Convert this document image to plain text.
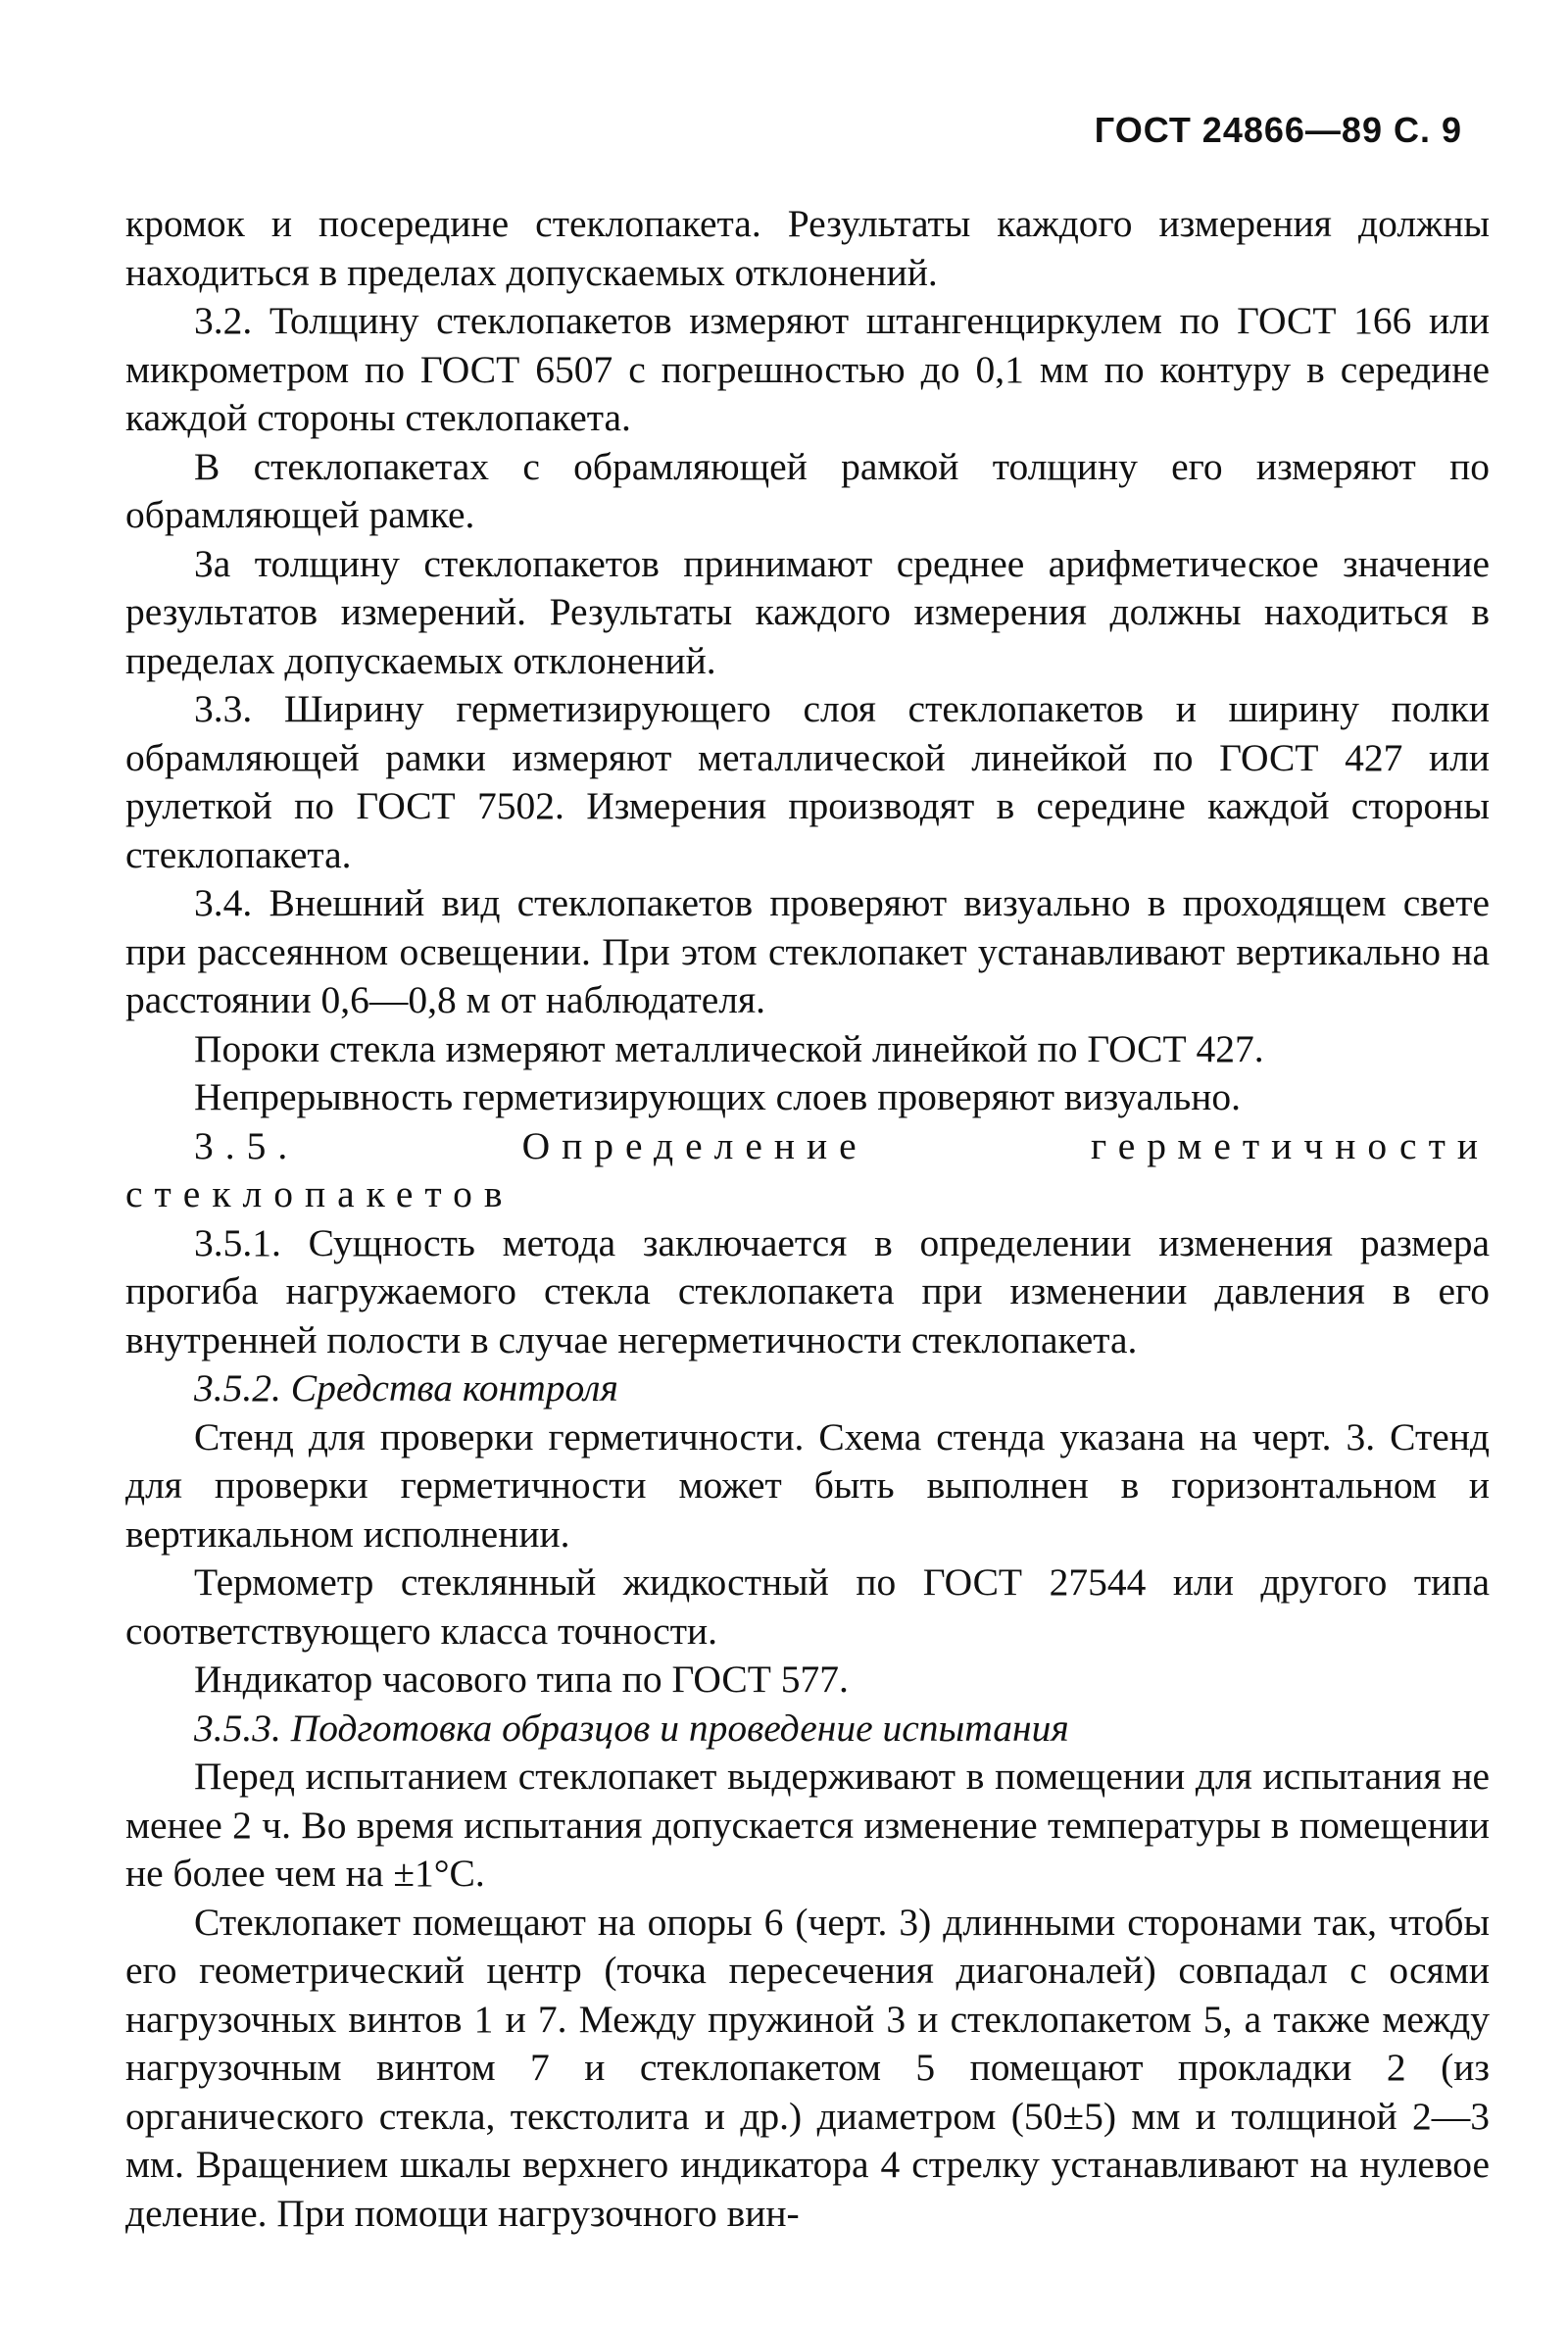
ГОСТ 24866—89 С. 9

кромок и посередине стеклопакета. Результаты каждого измерения должны находиться в пределах допускаемых отклонений.

3.2. Толщину стеклопакетов измеряют штангенциркулем по ГОСТ 166 или микрометром по ГОСТ 6507 с погрешностью до 0,1 мм по контуру в середине каждой стороны стеклопакета.

В стеклопакетах с обрамляющей рамкой толщину его измеряют по обрамляющей рамке.

За толщину стеклопакетов принимают среднее арифметическое значение результатов измерений. Результаты каждого измерения должны находиться в пределах допускаемых отклонений.

3.3. Ширину герметизирующего слоя стеклопакетов и ширину полки обрамляющей рамки измеряют металлической линейкой по ГОСТ 427 или рулеткой по ГОСТ 7502. Измерения производят в середине каждой стороны стеклопакета.

3.4. Внешний вид стеклопакетов проверяют визуально в проходящем свете при рассеянном освещении. При этом стеклопакет устанавливают вертикально на расстоянии 0,6—0,8 м от наблюдателя.

Пороки стекла измеряют металлической линейкой по ГОСТ 427.

Непрерывность герметизирующих слоев проверяют визуально.

3.5. Определение герметичности стеклопакетов

3.5.1. Сущность метода заключается в определении изменения размера прогиба нагружаемого стекла стеклопакета при изменении давления в его внутренней полости в случае негерметичности стеклопакета.

3.5.2. Средства контроля

Стенд для проверки герметичности. Схема стенда указана на черт. 3. Стенд для проверки герметичности может быть выполнен в горизонтальном и вертикальном исполнении.

Термометр стеклянный жидкостный по ГОСТ 27544 или другого типа соответствующего класса точности.

Индикатор часового типа по ГОСТ 577.

3.5.3. Подготовка образцов и проведение испытания

Перед испытанием стеклопакет выдерживают в помещении для испытания не менее 2 ч. Во время испытания допускается изменение температуры в помещении не более чем на ±1°С.

Стеклопакет помещают на опоры 6 (черт. 3) длинными сторонами так, чтобы его геометрический центр (точка пересечения диагоналей) совпадал с осями нагрузочных винтов 1 и 7. Между пружиной 3 и стеклопакетом 5, а также между нагрузочным винтом 7 и стеклопакетом 5 помещают прокладки 2 (из органического стекла, текстолита и др.) диаметром (50±5) мм и толщиной 2—3 мм. Вращением шкалы верхнего индикатора 4 стрелку устанавливают на нулевое деление. При помощи нагрузочного вин-
